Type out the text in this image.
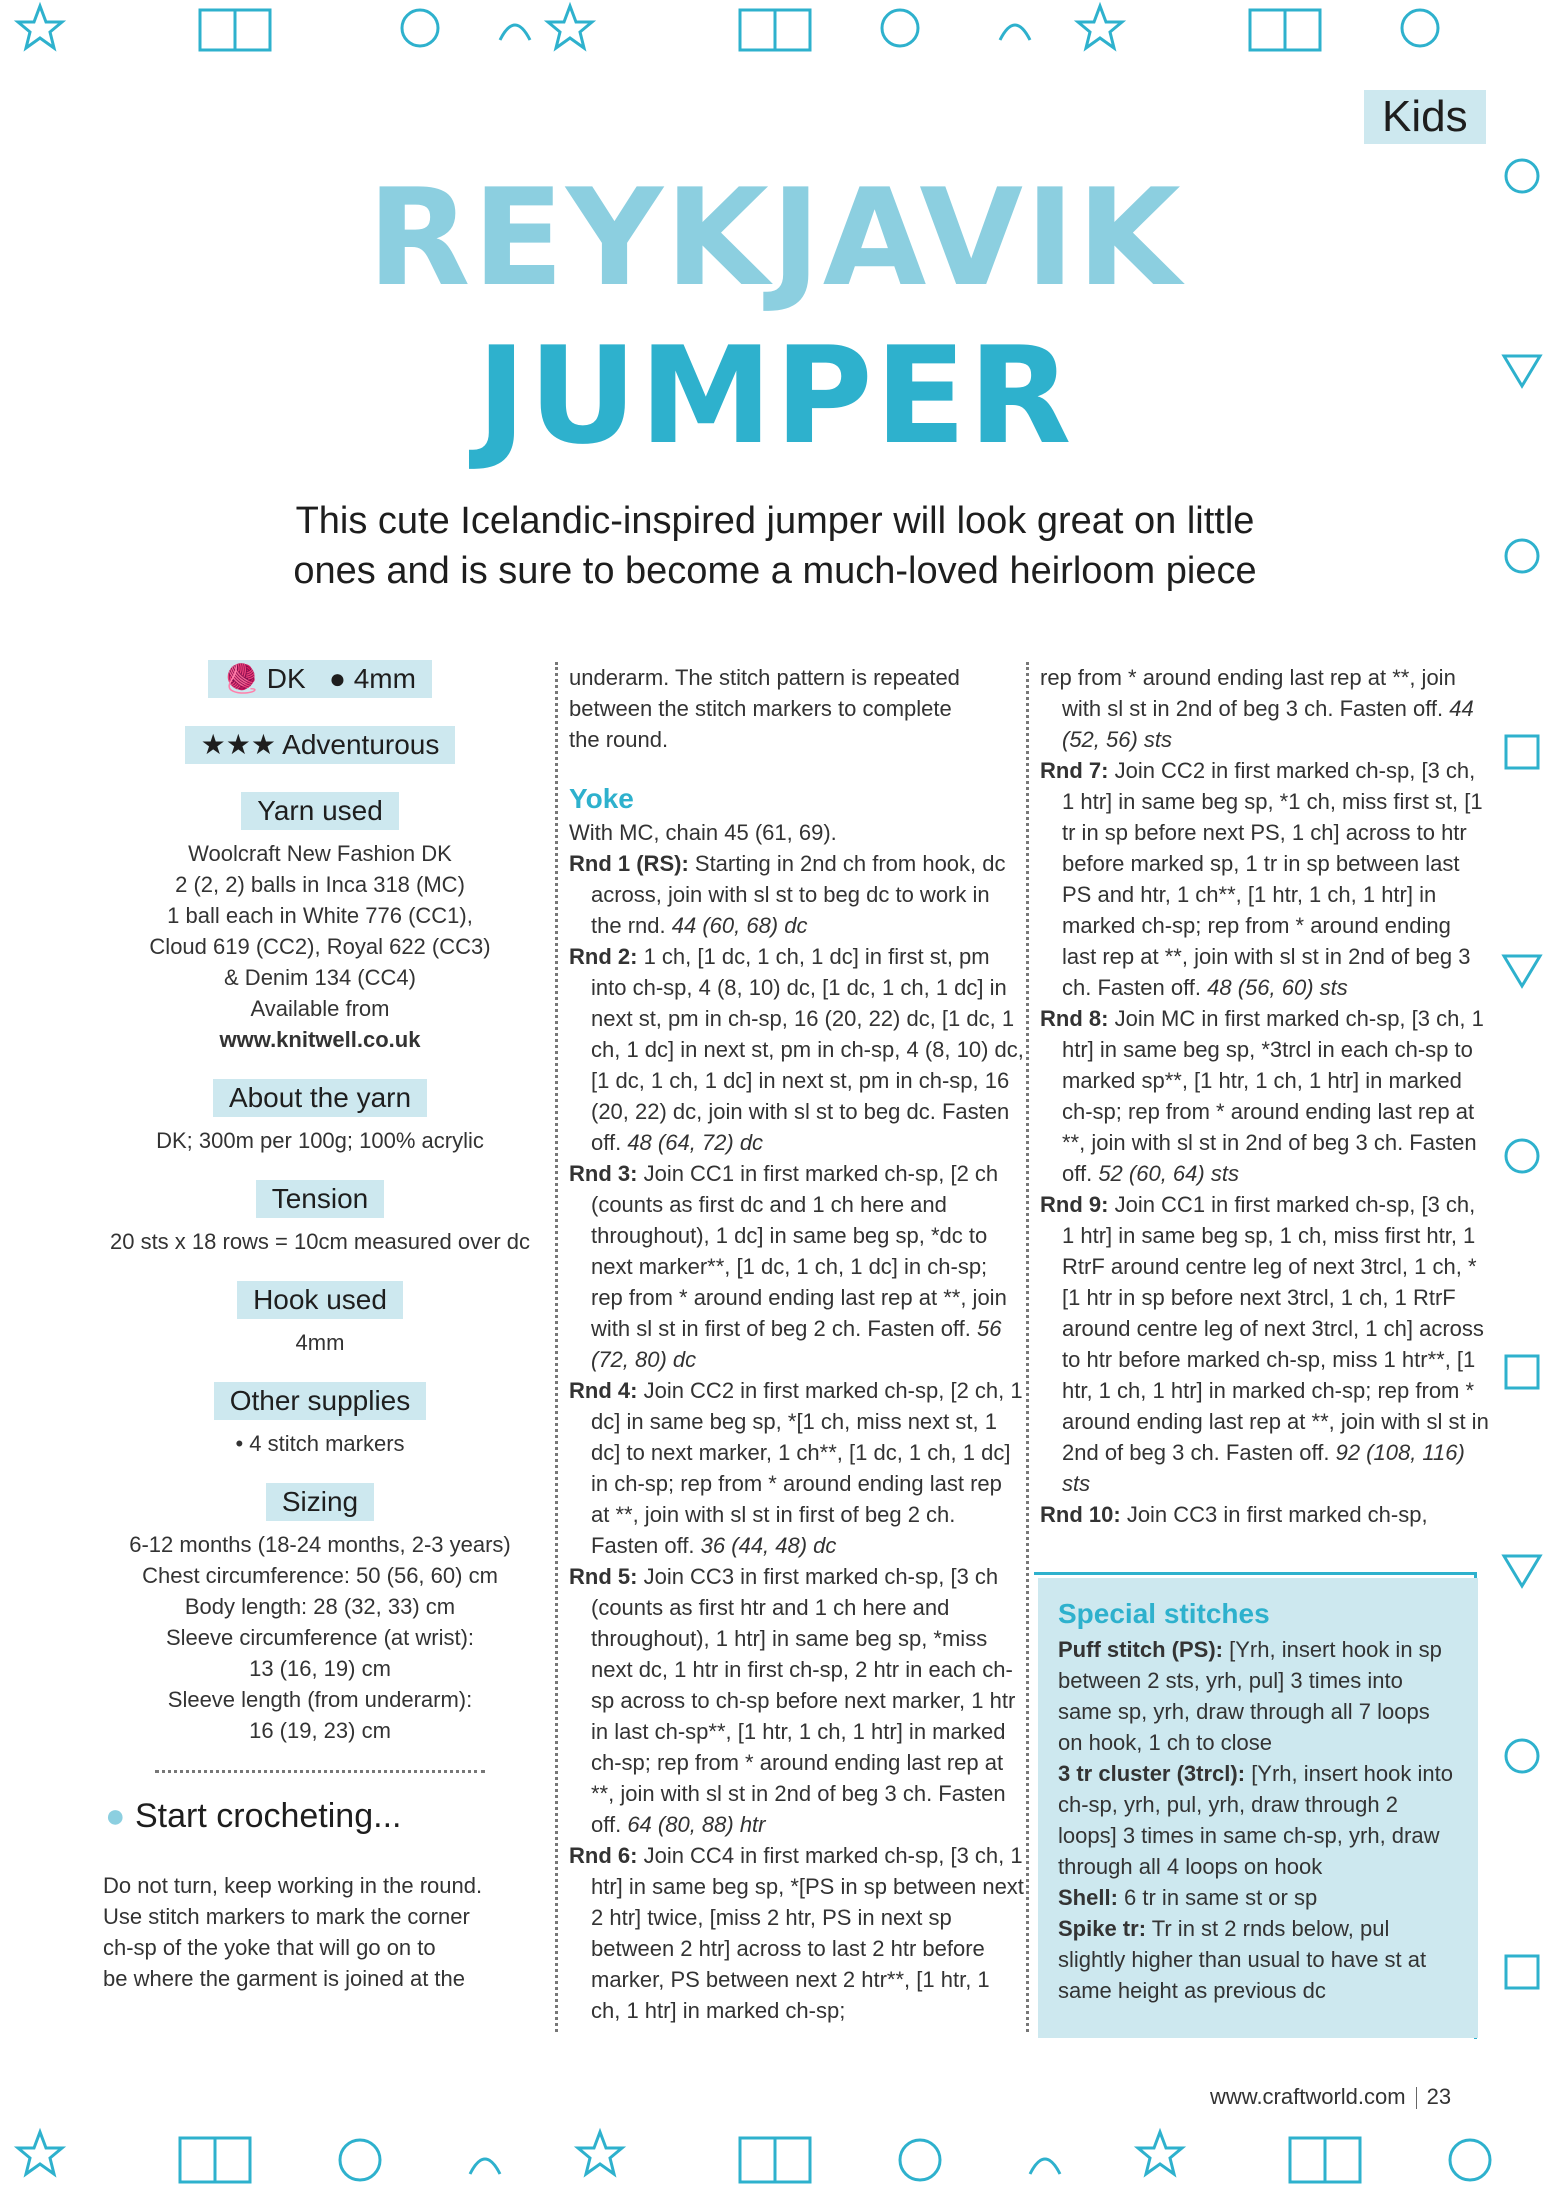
Kids
REYKJAVIK
JUMPER
This cute Icelandic-inspired jumper will look great on little
ones and is sure to become a much-loved heirloom piece
🧶 DK ● 4mm
★★★ Adventurous
Yarn used
Woolcraft New Fashion DK
2 (2, 2) balls in Inca 318 (MC)
1 ball each in White 776 (CC1),
Cloud 619 (CC2), Royal 622 (CC3)
& Denim 134 (CC4)
Available from
www.knitwell.co.uk
About the yarn
DK; 300m per 100g; 100% acrylic
Tension
20 sts x 18 rows = 10cm measured over dc
Hook used
4mm
Other supplies
• 4 stitch markers
Sizing
6-12 months (18-24 months, 2-3 years)
Chest circumference: 50 (56, 60) cm
Body length: 28 (32, 33) cm
Sleeve circumference (at wrist):
13 (16, 19) cm
Sleeve length (from underarm):
16 (19, 23) cm
● Start crocheting...
Do not turn, keep working in the round.
Use stitch markers to mark the corner
ch-sp of the yoke that will go on to
be where the garment is joined at the
underarm. The stitch pattern is repeated
between the stitch markers to complete
the round.
Yoke
With MC, chain 45 (61, 69).
Rnd 1 (RS): Starting in 2nd ch from hook, dc across, join with sl st to beg dc to work in the rnd. 44 (60, 68) dc
Rnd 2: 1 ch, [1 dc, 1 ch, 1 dc] in first st, pm into ch-sp, 4 (8, 10) dc, [1 dc, 1 ch, 1 dc] in next st, pm in ch-sp, 16 (20, 22) dc, [1 dc, 1 ch, 1 dc] in next st, pm in ch-sp, 4 (8, 10) dc, [1 dc, 1 ch, 1 dc] in next st, pm in ch-sp, 16 (20, 22) dc, join with sl st to beg dc. Fasten off. 48 (64, 72) dc
Rnd 3: Join CC1 in first marked ch-sp, [2 ch (counts as first dc and 1 ch here and throughout), 1 dc] in same beg sp, *dc to next marker**, [1 dc, 1 ch, 1 dc] in ch-sp; rep from * around ending last rep at **, join with sl st in first of beg 2 ch. Fasten off. 56 (72, 80) dc
Rnd 4: Join CC2 in first marked ch-sp, [2 ch, 1 dc] in same beg sp, *[1 ch, miss next st, 1 dc] to next marker, 1 ch**, [1 dc, 1 ch, 1 dc] in ch-sp; rep from * around ending last rep at **, join with sl st in first of beg 2 ch. Fasten off. 36 (44, 48) dc
Rnd 5: Join CC3 in first marked ch-sp, [3 ch (counts as first htr and 1 ch here and throughout), 1 htr] in same beg sp, *miss next dc, 1 htr in first ch-sp, 2 htr in each ch-sp across to ch-sp before next marker, 1 htr in last ch-sp**, [1 htr, 1 ch, 1 htr] in marked ch-sp; rep from * around ending last rep at **, join with sl st in 2nd of beg 3 ch. Fasten off. 64 (80, 88) htr
Rnd 6: Join CC4 in first marked ch-sp, [3 ch, 1 htr] in same beg sp, *[PS in sp between next 2 htr] twice, [miss 2 htr, PS in next sp between 2 htr] across to last 2 htr before marker, PS between next 2 htr**, [1 htr, 1 ch, 1 htr] in marked ch-sp;
rep from * around ending last rep at **, join with sl st in 2nd of beg 3 ch. Fasten off. 44 (52, 56) sts
Rnd 7: Join CC2 in first marked ch-sp, [3 ch, 1 htr] in same beg sp, *1 ch, miss first st, [1 tr in sp before next PS, 1 ch] across to htr before marked sp, 1 tr in sp between last PS and htr, 1 ch**, [1 htr, 1 ch, 1 htr] in marked ch-sp; rep from * around ending last rep at **, join with sl st in 2nd of beg 3 ch. Fasten off. 48 (56, 60) sts
Rnd 8: Join MC in first marked ch-sp, [3 ch, 1 htr] in same beg sp, *3trcl in each ch-sp to marked sp**, [1 htr, 1 ch, 1 htr] in marked ch-sp; rep from * around ending last rep at **, join with sl st in 2nd of beg 3 ch. Fasten off. 52 (60, 64) sts
Rnd 9: Join CC1 in first marked ch-sp, [3 ch, 1 htr] in same beg sp, 1 ch, miss first htr, 1 RtrF around centre leg of next 3trcl, 1 ch, *[1 htr in sp before next 3trcl, 1 ch, 1 RtrF around centre leg of next 3trcl, 1 ch] across to htr before marked ch-sp, miss 1 htr**, [1 htr, 1 ch, 1 htr] in marked ch-sp; rep from * around ending last rep at **, join with sl st in 2nd of beg 3 ch. Fasten off. 92 (108, 116) sts
Rnd 10: Join CC3 in first marked ch-sp,
Special stitches
Puff stitch (PS): [Yrh, insert hook in sp between 2 sts, yrh, pul] 3 times into same sp, yrh, draw through all 7 loops on hook, 1 ch to close
3 tr cluster (3trcl): [Yrh, insert hook into ch-sp, yrh, pul, yrh, draw through 2 loops] 3 times in same ch-sp, yrh, draw through all 4 loops on hook
Shell: 6 tr in same st or sp
Spike tr: Tr in st 2 rnds below, pul slightly higher than usual to have st at same height as previous dc
www.craftworld.com 23
